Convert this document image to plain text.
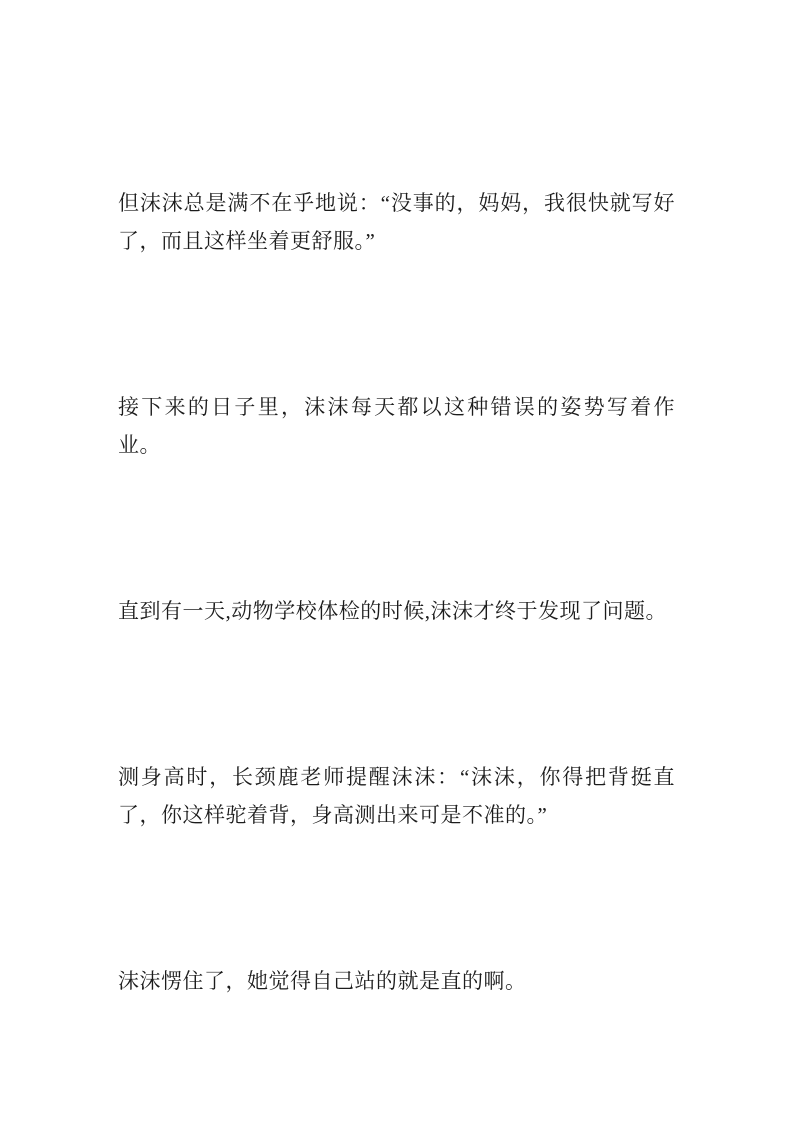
但沫沫总是满不在乎地说：“没事的，妈妈，我很快就写好了，而且这样坐着更舒服。”

接下来的日子里，沫沫每天都以这种错误的姿势写着作业。

直到有一天,动物学校体检的时候,沫沫才终于发现了问题。

测身高时，长颈鹿老师提醒沫沫：“沫沫，你得把背挺直了，你这样驼着背，身高测出来可是不准的。”

沫沫愣住了，她觉得自己站的就是直的啊。
